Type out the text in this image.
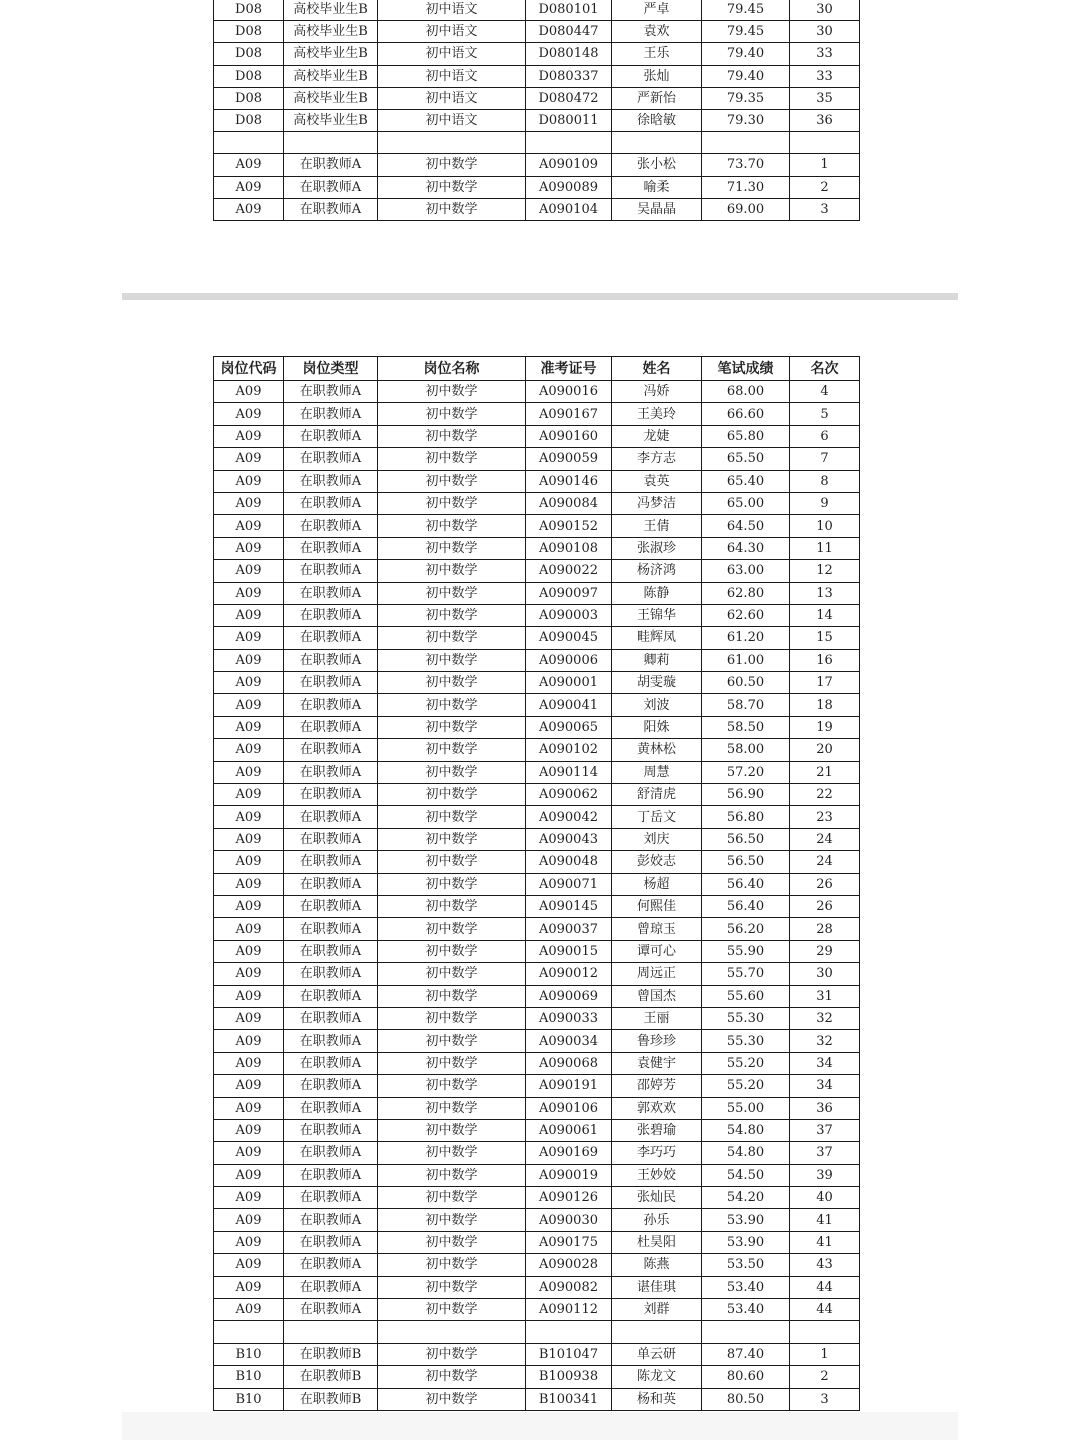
D08	高校毕业生B	初中语文	D080101	严卓	79.45	30
D08	高校毕业生B	初中语文	D080447	袁欢	79.45	30
D08	高校毕业生B	初中语文	D080148	王乐	79.40	33
D08	高校毕业生B	初中语文	D080337	张灿	79.40	33
D08	高校毕业生B	初中语文	D080472	严新怡	79.35	35
D08	高校毕业生B	初中语文	D080011	徐晗敏	79.30	36

A09	在职教师A	初中数学	A090109	张小松	73.70	1
A09	在职教师A	初中数学	A090089	喻柔	71.30	2
A09	在职教师A	初中数学	A090104	吴晶晶	69.00	3
岗位代码	岗位类型	岗位名称	准考证号	姓名	笔试成绩	名次
A09	在职教师A	初中数学	A090016	冯娇	68.00	4
A09	在职教师A	初中数学	A090167	王美玲	66.60	5
A09	在职教师A	初中数学	A090160	龙婕	65.80	6
A09	在职教师A	初中数学	A090059	李方志	65.50	7
A09	在职教师A	初中数学	A090146	袁英	65.40	8
A09	在职教师A	初中数学	A090084	冯梦洁	65.00	9
A09	在职教师A	初中数学	A090152	王倩	64.50	10
A09	在职教师A	初中数学	A090108	张淑珍	64.30	11
A09	在职教师A	初中数学	A090022	杨济鸿	63.00	12
A09	在职教师A	初中数学	A090097	陈静	62.80	13
A09	在职教师A	初中数学	A090003	王锦华	62.60	14
A09	在职教师A	初中数学	A090045	畦辉凤	61.20	15
A09	在职教师A	初中数学	A090006	卿莉	61.00	16
A09	在职教师A	初中数学	A090001	胡雯璇	60.50	17
A09	在职教师A	初中数学	A090041	刘波	58.70	18
A09	在职教师A	初中数学	A090065	阳姝	58.50	19
A09	在职教师A	初中数学	A090102	黄林松	58.00	20
A09	在职教师A	初中数学	A090114	周慧	57.20	21
A09	在职教师A	初中数学	A090062	舒清虎	56.90	22
A09	在职教师A	初中数学	A090042	丁岳文	56.80	23
A09	在职教师A	初中数学	A090043	刘庆	56.50	24
A09	在职教师A	初中数学	A090048	彭姣志	56.50	24
A09	在职教师A	初中数学	A090071	杨超	56.40	26
A09	在职教师A	初中数学	A090145	何熙佳	56.40	26
A09	在职教师A	初中数学	A090037	曾琼玉	56.20	28
A09	在职教师A	初中数学	A090015	谭可心	55.90	29
A09	在职教师A	初中数学	A090012	周远正	55.70	30
A09	在职教师A	初中数学	A090069	曾国杰	55.60	31
A09	在职教师A	初中数学	A090033	王丽	55.30	32
A09	在职教师A	初中数学	A090034	鲁珍珍	55.30	32
A09	在职教师A	初中数学	A090068	袁健宇	55.20	34
A09	在职教师A	初中数学	A090191	邵婷芳	55.20	34
A09	在职教师A	初中数学	A090106	郭欢欢	55.00	36
A09	在职教师A	初中数学	A090061	张碧瑜	54.80	37
A09	在职教师A	初中数学	A090169	李巧巧	54.80	37
A09	在职教师A	初中数学	A090019	王妙姣	54.50	39
A09	在职教师A	初中数学	A090126	张灿民	54.20	40
A09	在职教师A	初中数学	A090030	孙乐	53.90	41
A09	在职教师A	初中数学	A090175	杜昊阳	53.90	41
A09	在职教师A	初中数学	A090028	陈燕	53.50	43
A09	在职教师A	初中数学	A090082	谌佳琪	53.40	44
A09	在职教师A	初中数学	A090112	刘群	53.40	44

B10	在职教师B	初中数学	B101047	单云研	87.40	1
B10	在职教师B	初中数学	B100938	陈龙文	80.60	2
B10	在职教师B	初中数学	B100341	杨和英	80.50	3
